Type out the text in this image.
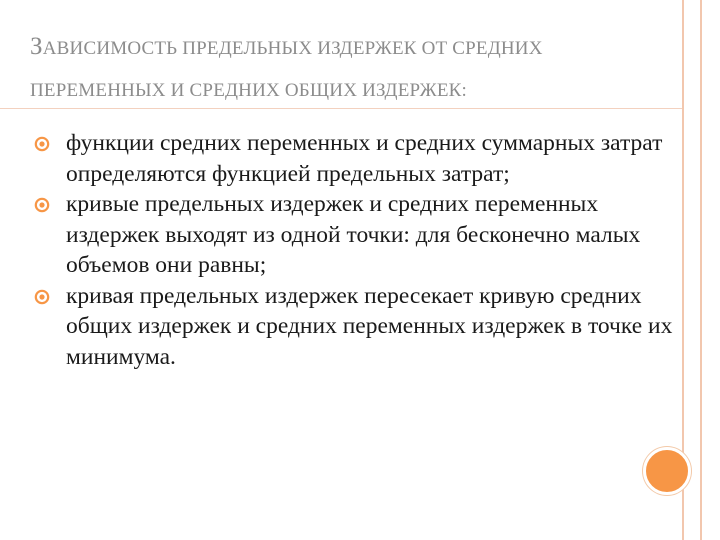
ЗАВИСИМОСТЬ ПРЕДЕЛЬНЫХ ИЗДЕРЖЕК ОТ СРЕДНИХ
ПЕРЕМЕННЫХ И СРЕДНИХ ОБЩИХ ИЗДЕРЖЕК:
функции средних переменных и средних суммарных затрат определяются функцией предельных затрат;
кривые предельных издержек и средних переменных издержек выходят из одной точки: для бесконечно малых объемов они равны;
кривая предельных издержек пересекает кривую средних общих издержек и средних переменных издержек в точке их минимума.
